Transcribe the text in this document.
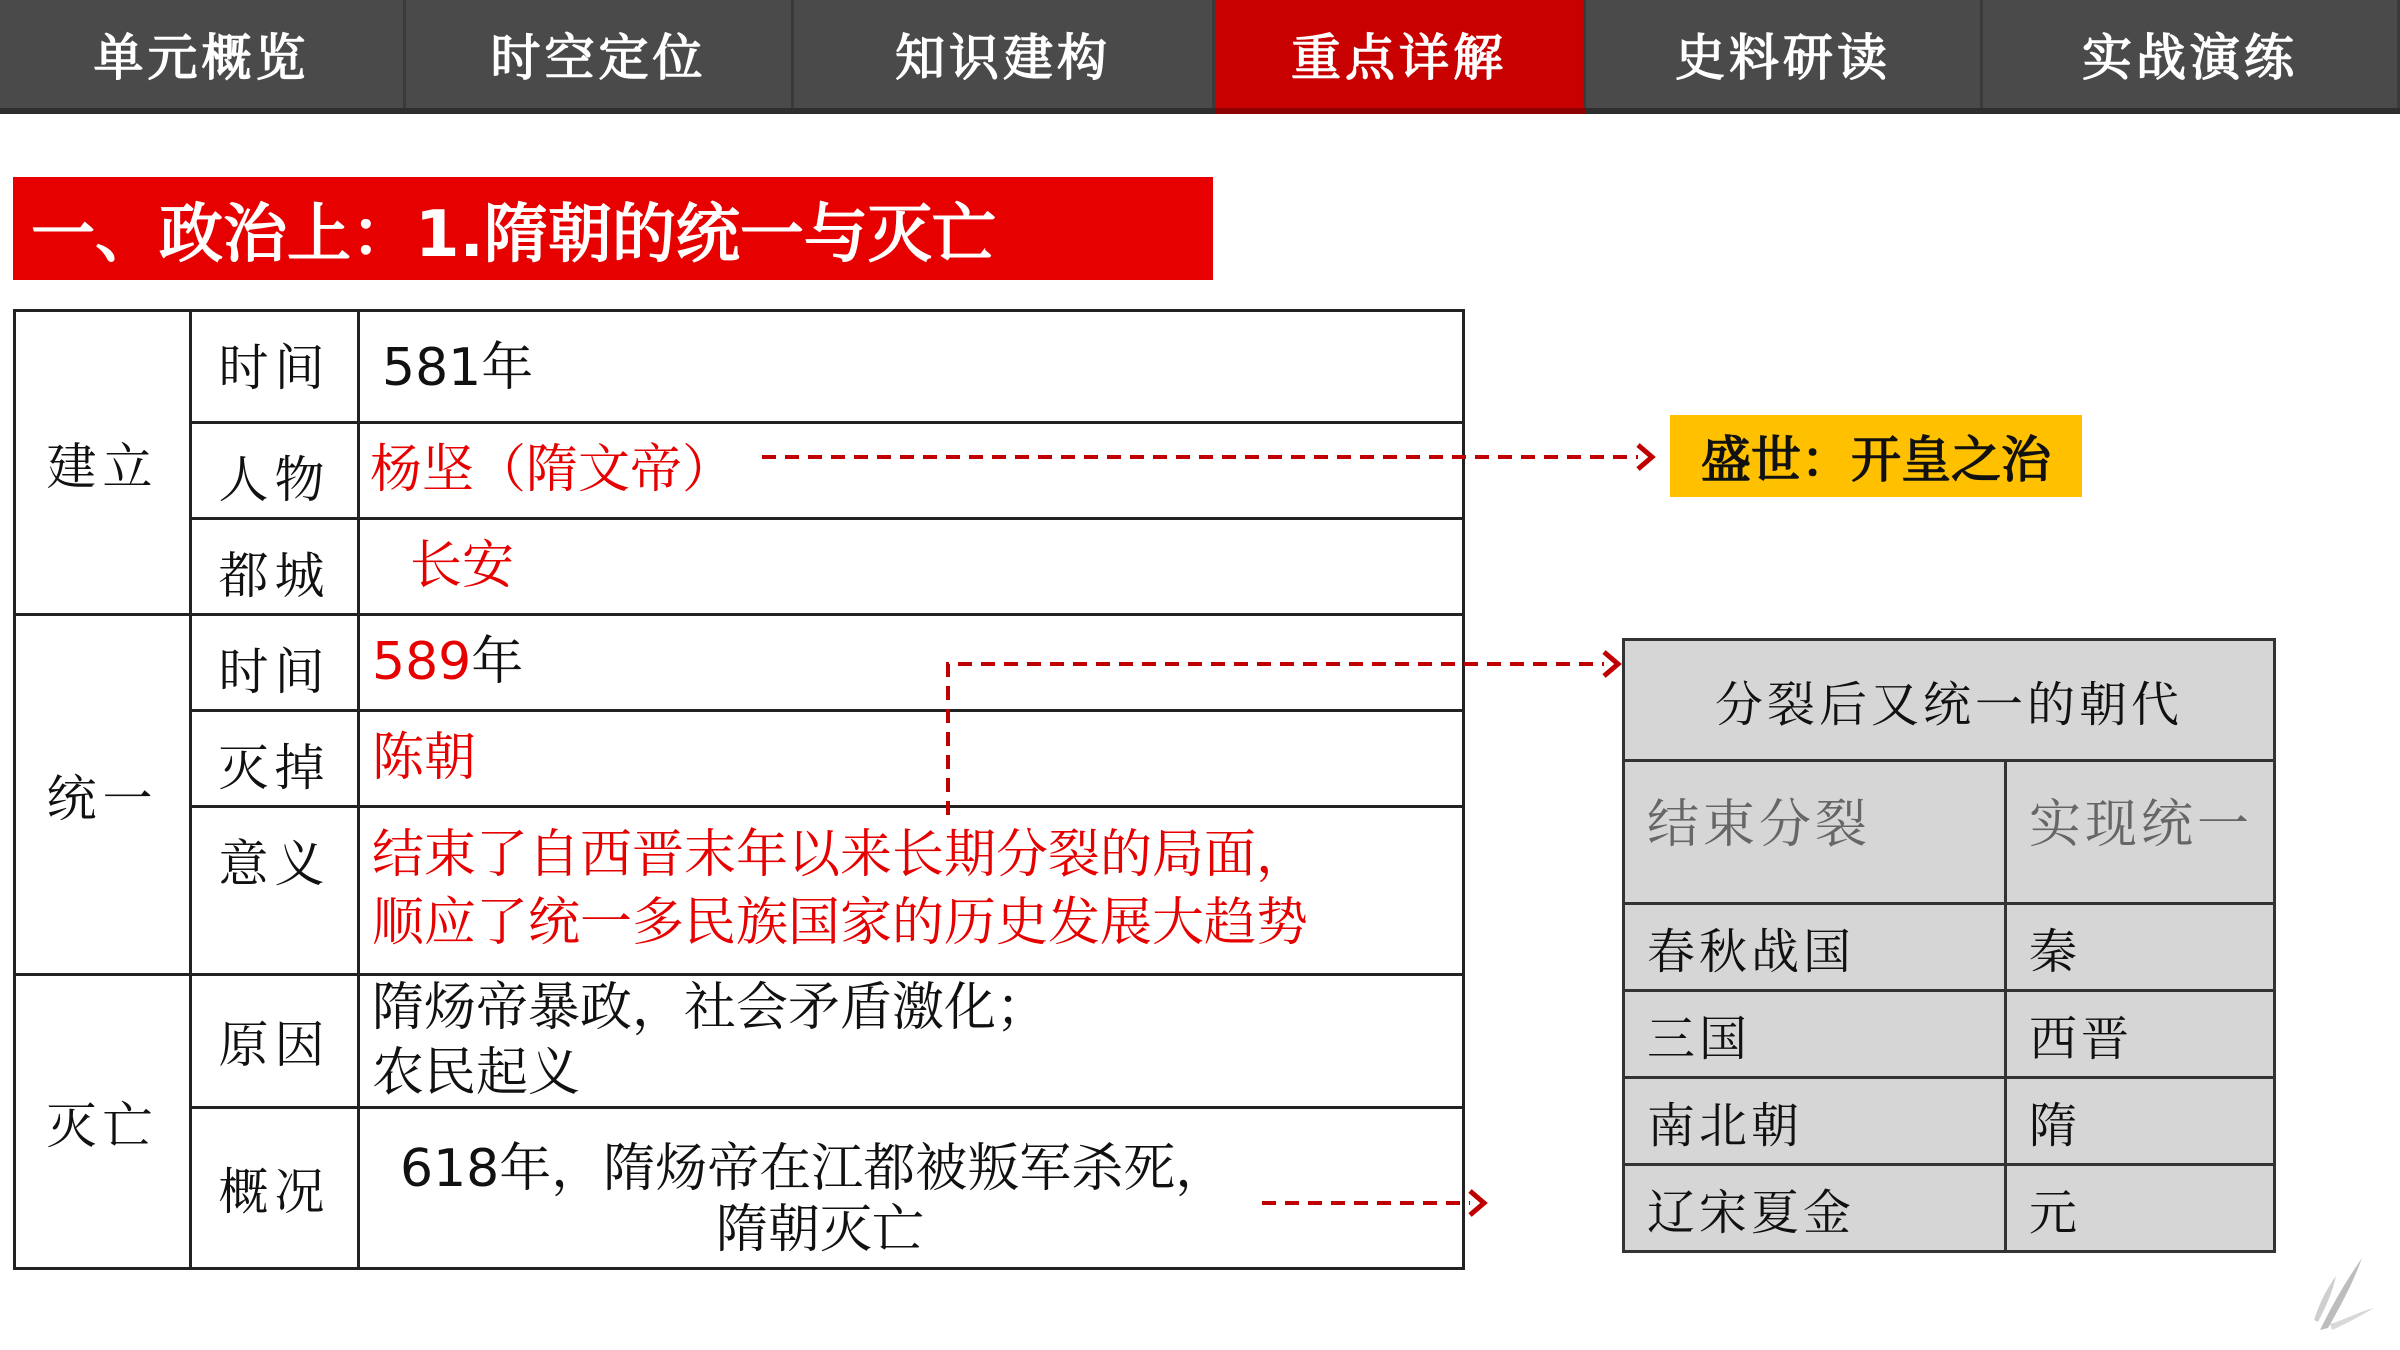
单元概览	时空定位	知识建构	重点详解	史料研读	实战演练
一、政治上：1.隋朝的统一与灭亡
建立	时间	581年
	人物	杨坚（隋文帝）
	都城	长安
统一	时间	589年
	灭掉	陈朝
	意义	结束了自西晋末年以来长期分裂的局面，
顺应了统一多民族国家的历史发展大趋势

灭亡	原因	隋炀帝暴政，社会矛盾激化；
农民起义

	概况	618年，隋炀帝在江都被叛军杀死，
隋朝灭亡
盛世：开皇之治
分裂后又统一的朝代	
结束分裂	实现统一
春秋战国	秦
三国	西晋
南北朝	隋
辽宋夏金	元
